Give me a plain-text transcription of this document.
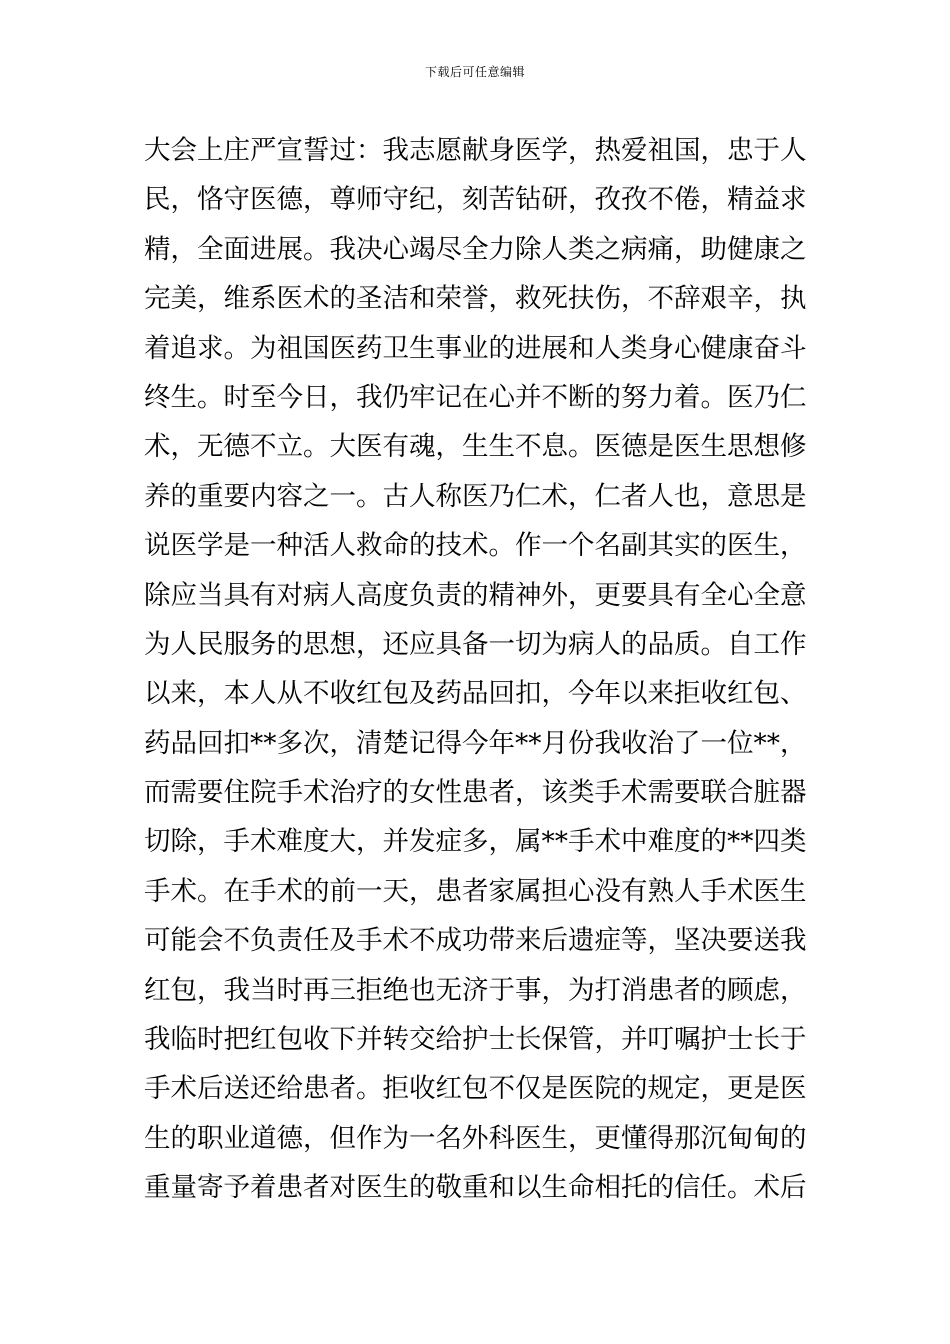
下载后可任意编辑
大会上庄严宣誓过：我志愿献身医学，热爱祖国，忠于人
民，恪守医德，尊师守纪，刻苦钻研，孜孜不倦，精益求
精，全面进展。我决心竭尽全力除人类之病痛，助健康之
完美，维系医术的圣洁和荣誉，救死扶伤，不辞艰辛，执
着追求。为祖国医药卫生事业的进展和人类身心健康奋斗
终生。时至今日，我仍牢记在心并不断的努力着。医乃仁
术，无德不立。大医有魂，生生不息。医德是医生思想修
养的重要内容之一。古人称医乃仁术，仁者人也，意思是
说医学是一种活人救命的技术。作一个名副其实的医生，
除应当具有对病人高度负责的精神外，更要具有全心全意
为人民服务的思想，还应具备一切为病人的品质。自工作
以来，本人从不收红包及药品回扣，今年以来拒收红包、
药品回扣**多次，清楚记得今年**月份我收治了一位**，
而需要住院手术治疗的女性患者，该类手术需要联合脏器
切除，手术难度大，并发症多，属**手术中难度的**四类
手术。在手术的前一天，患者家属担心没有熟人手术医生
可能会不负责任及手术不成功带来后遗症等，坚决要送我
红包，我当时再三拒绝也无济于事，为打消患者的顾虑，
我临时把红包收下并转交给护士长保管，并叮嘱护士长于
手术后送还给患者。拒收红包不仅是医院的规定，更是医
生的职业道德，但作为一名外科医生，更懂得那沉甸甸的
重量寄予着患者对医生的敬重和以生命相托的信任。术后
